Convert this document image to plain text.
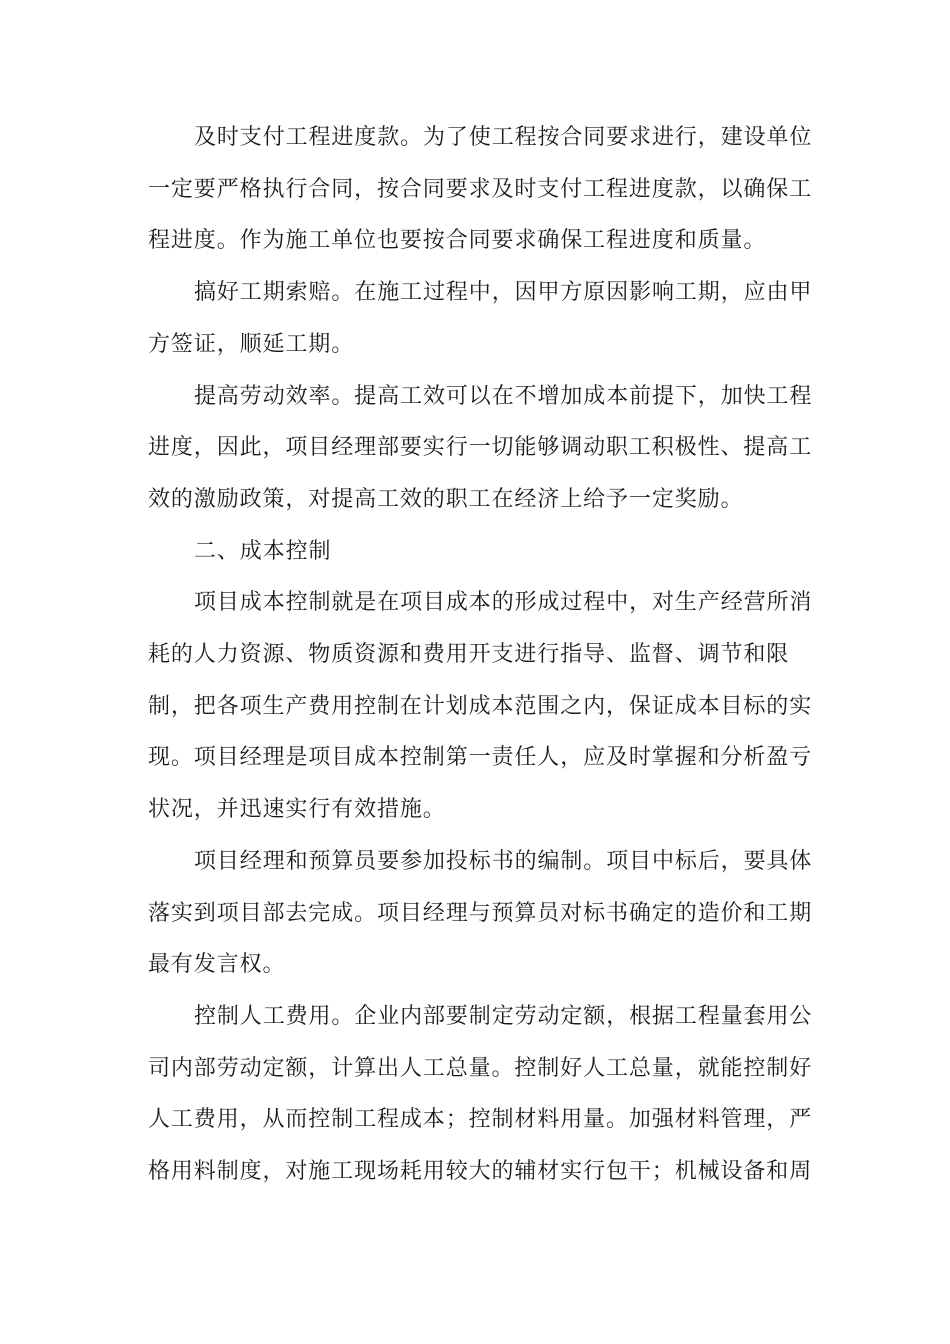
及时支付工程进度款。为了使工程按合同要求进行，建设单位
一定要严格执行合同，按合同要求及时支付工程进度款，以确保工
程进度。作为施工单位也要按合同要求确保工程进度和质量。
搞好工期索赔。在施工过程中，因甲方原因影响工期，应由甲
方签证，顺延工期。
提高劳动效率。提高工效可以在不增加成本前提下，加快工程
进度，因此，项目经理部要实行一切能够调动职工积极性、提高工
效的激励政策，对提高工效的职工在经济上给予一定奖励。
二、成本控制
项目成本控制就是在项目成本的形成过程中，对生产经营所消
耗的人力资源、物质资源和费用开支进行指导、监督、调节和限
制，把各项生产费用控制在计划成本范围之内，保证成本目标的实
现。项目经理是项目成本控制第一责任人，应及时掌握和分析盈亏
状况，并迅速实行有效措施。
项目经理和预算员要参加投标书的编制。项目中标后，要具体
落实到项目部去完成。项目经理与预算员对标书确定的造价和工期
最有发言权。
控制人工费用。企业内部要制定劳动定额，根据工程量套用公
司内部劳动定额，计算出人工总量。控制好人工总量，就能控制好
人工费用，从而控制工程成本；控制材料用量。加强材料管理，严
格用料制度，对施工现场耗用较大的辅材实行包干；机械设备和周
